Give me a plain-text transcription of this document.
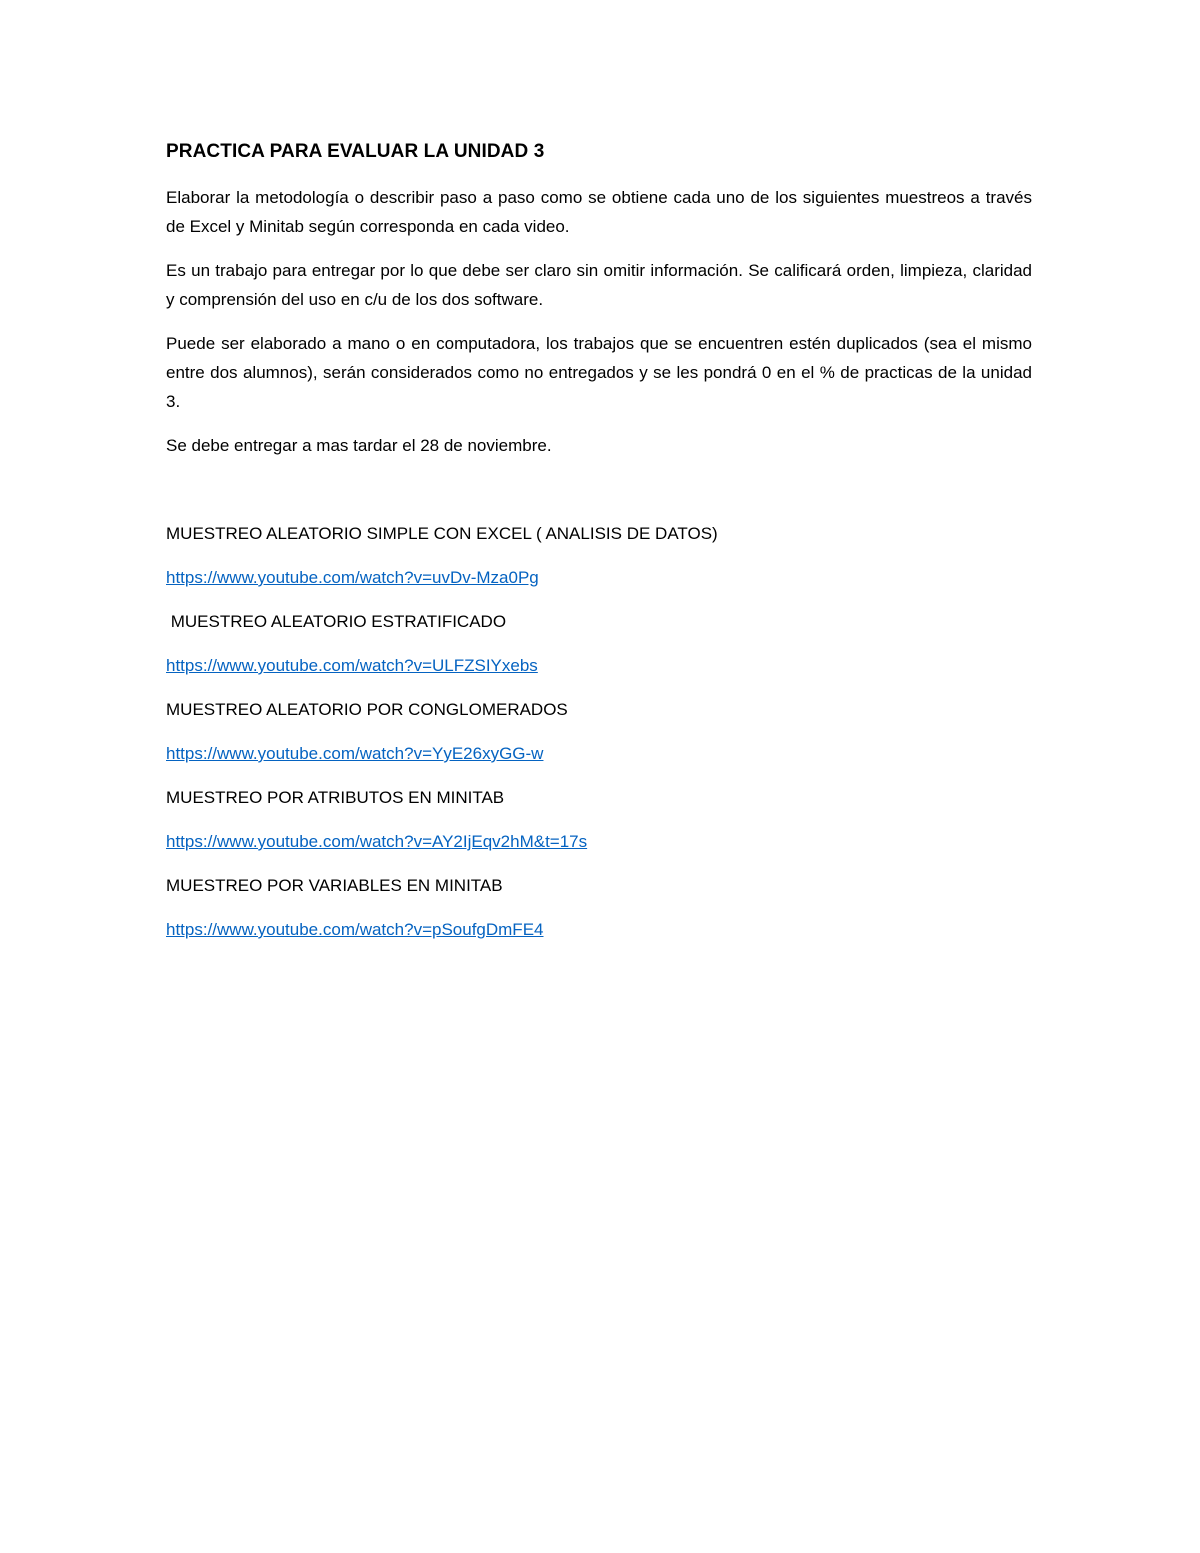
PRACTICA PARA EVALUAR LA UNIDAD 3

Elaborar la metodología o describir paso a paso como se obtiene cada uno de los siguientes muestreos a través de Excel y Minitab según corresponda en cada video.

Es un trabajo para entregar por lo que debe ser claro sin omitir información. Se calificará orden, limpieza, claridad y comprensión del uso en c/u de los dos software.

Puede ser elaborado a mano o en computadora, los trabajos que se encuentren estén duplicados (sea el mismo entre dos alumnos), serán considerados como no entregados y se les pondrá 0 en el % de practicas de la unidad 3.

Se debe entregar a mas tardar el 28 de noviembre.

MUESTREO ALEATORIO SIMPLE CON EXCEL ( ANALISIS DE DATOS)
https://www.youtube.com/watch?v=uvDv-Mza0Pg
MUESTREO ALEATORIO ESTRATIFICADO
https://www.youtube.com/watch?v=ULFZSIYxebs
MUESTREO ALEATORIO POR CONGLOMERADOS
https://www.youtube.com/watch?v=YyE26xyGG-w
MUESTREO POR ATRIBUTOS EN MINITAB
https://www.youtube.com/watch?v=AY2IjEqv2hM&t=17s
MUESTREO POR VARIABLES EN MINITAB
https://www.youtube.com/watch?v=pSoufgDmFE4
